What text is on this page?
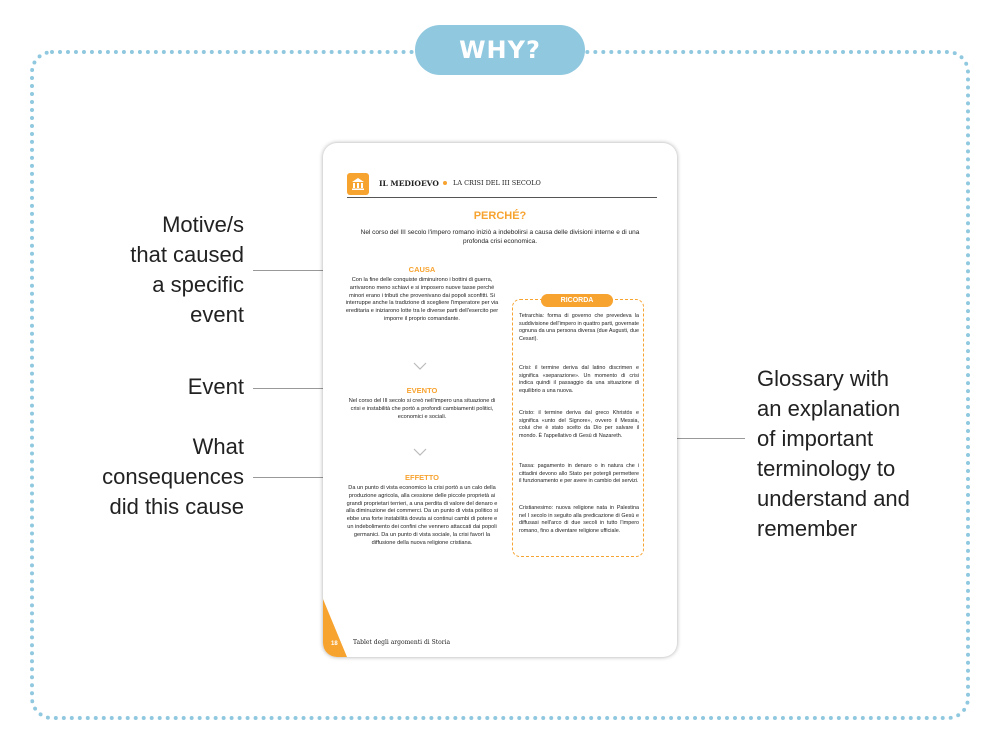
WHY?
Motive/s
that caused
a specific
event
Event
What
consequences
did this cause
Glossary with
an explanation
of important
terminology to
understand and
remember
IL MEDIOEVO LA CRISI DEL III SECOLO
PERCHÉ?
Nel corso del III secolo l'impero romano iniziò a indebolirsi a causa delle divisioni interne e di una profonda crisi economica.
CAUSA
Con la fine delle conquiste diminuirono i bottini di guerra, arrivarono meno schiavi e si imposero nuove tasse perché minori erano i tributi che provenivano dai popoli sconfitti. Si interruppe anche la tradizione di scegliere l'imperatore per via ereditaria e iniziarono lotte tra le diverse parti dell'esercito per imporre il proprio comandante.
EVENTO
Nel corso del III secolo si creò nell'impero una situazione di crisi e instabilità che portò a profondi cambiamenti politici, economici e sociali.
EFFETTO
Da un punto di vista economico la crisi portò a un calo della produzione agricola, alla cessione delle piccole proprietà ai grandi proprietari terrieri, a una perdita di valore del denaro e alla diminuzione dei commerci. Da un punto di vista politico si ebbe una forte instabilità dovuta ai continui cambi di potere e un indebolimento dei confini che vennero attaccati dai popoli germanici. Da un punto di vista sociale, la crisi favorì la diffusione della nuova religione cristiana.
RICORDA
Tetrarchia: forma di governo che prevedeva la suddivisione dell'impero in quattro parti, governate ognuna da una persona diversa (due Augusti, due Cesari).
Crisi: il termine deriva dal latino discrimen e significa «separazione». Un momento di crisi indica quindi il passaggio da una situazione di equilibrio a una nuova.
Cristo: il termine deriva dal greco Khristós e significa «unto del Signore», ovvero il Messia, colui che è stato scelto da Dio per salvare il mondo. È l'appellativo di Gesù di Nazareth.
Tassa: pagamento in denaro o in natura che i cittadini devono allo Stato per potergli permettere il funzionamento e per avere in cambio dei servizi.
Cristianesimo: nuova religione nata in Palestina nel I secolo in seguito alla predicazione di Gesù e diffusasi nell'arco di due secoli in tutto l'impero romano, fino a diventare religione ufficiale.
18	Tablet degli argomenti di Storia
